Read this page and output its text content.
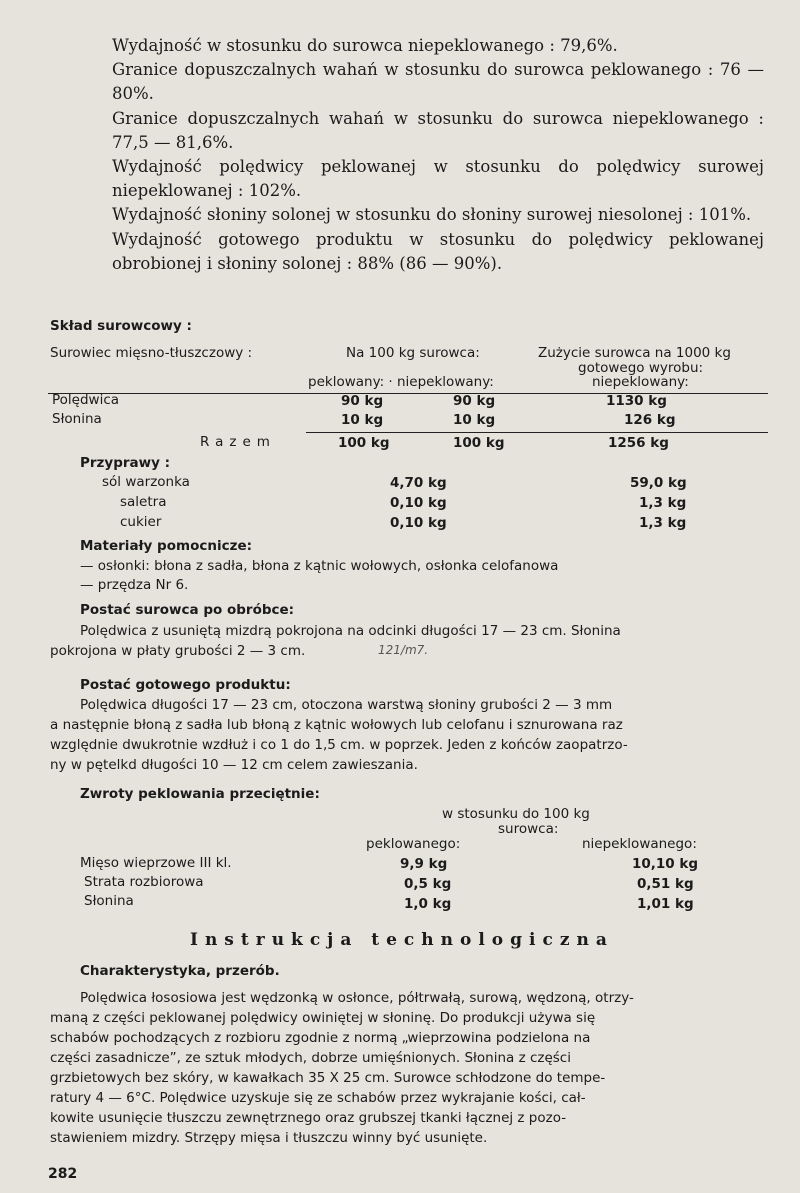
Wydajność w stosunku do surowca niepeklowanego : 79,6%.

Granice dopuszczalnych wahań w stosunku do surowca peklowanego : 76 — 80%.

Granice dopuszczalnych wahań w stosunku do surowca niepeklowanego : 77,5 — 81,6%.

Wydajność polędwicy peklowanej w stosunku do polędwicy surowej niepeklowanej : 102%.

Wydajność słoniny solonej w stosunku do słoniny surowej niesolonej : 101%.

Wydajność gotowego produktu w stosunku do polędwicy peklowanej obrobionej i słoniny solonej : 88% (86 — 90%).

Skład surowcowy :
Surowiec mięsno-tłuszczowy :	Na 100 kg surowca:	Zużycie surowca na 1000 kg
gotowego wyrobu:
peklowany: · niepeklowany:	niepeklowany:
Polędwica	90 kg	90 kg	1130 kg
Słonina	10 kg	10 kg	126 kg
Razem	100 kg	100 kg	1256 kg
Przyprawy :
sól warzonka	4,70 kg	59,0 kg
saletra	0,10 kg	1,3 kg
cukier	0,10 kg	1,3 kg
Materiały pomocnicze:
— osłonki: błona z sadła, błona z kątnic wołowych, osłonka celofanowa
— przędza Nr 6.
Postać surowca po obróbce:
Polędwica z usuniętą mizdrą pokrojona na odcinki długości 17 — 23 cm. Słonina
pokrojona w płaty grubości 2 — 3 cm.	121/m7.
Postać gotowego produktu:
Polędwica długości 17 — 23 cm, otoczona warstwą słoniny grubości 2 — 3 mm
a następnie błoną z sadła lub błoną z kątnic wołowych lub celofanu i sznurowana raz
względnie dwukrotnie wzdłuż i co 1 do 1,5 cm. w poprzek. Jeden z końców zaopatrzo-
ny w pętelkd długości 10 — 12 cm celem zawieszania.
Zwroty peklowania przeciętnie:
w stosunku do 100 kg
surowca:
peklowanego:	niepeklowanego:
Mięso wieprzowe III kl.	9,9 kg	10,10 kg
Strata rozbiorowa	0,5 kg	0,51 kg
Słonina	1,0 kg	1,01 kg
Instrukcja technologiczna
Charakterystyka, przerób.
Polędwica łososiowa jest wędzonką w osłonce, półtrwałą, surową, wędzoną, otrzy-
maną z części peklowanej polędwicy owiniętej w słoninę. Do produkcji używa się
schabów pochodzących z rozbioru zgodnie z normą „wieprzowina podzielona na
części zasadnicze”, ze sztuk młodych, dobrze umięśnionych. Słonina z części
grzbietowych bez skóry, w kawałkach 35 X 25 cm. Surowce schłodzone do tempe-
ratury 4 — 6°C. Polędwice uzyskuje się ze schabów przez wykrajanie kości, cał-
kowite usunięcie tłuszczu zewnętrznego oraz grubszej tkanki łącznej z pozo-
stawieniem mizdry. Strzępy mięsa i tłuszczu winny być usunięte.
282
